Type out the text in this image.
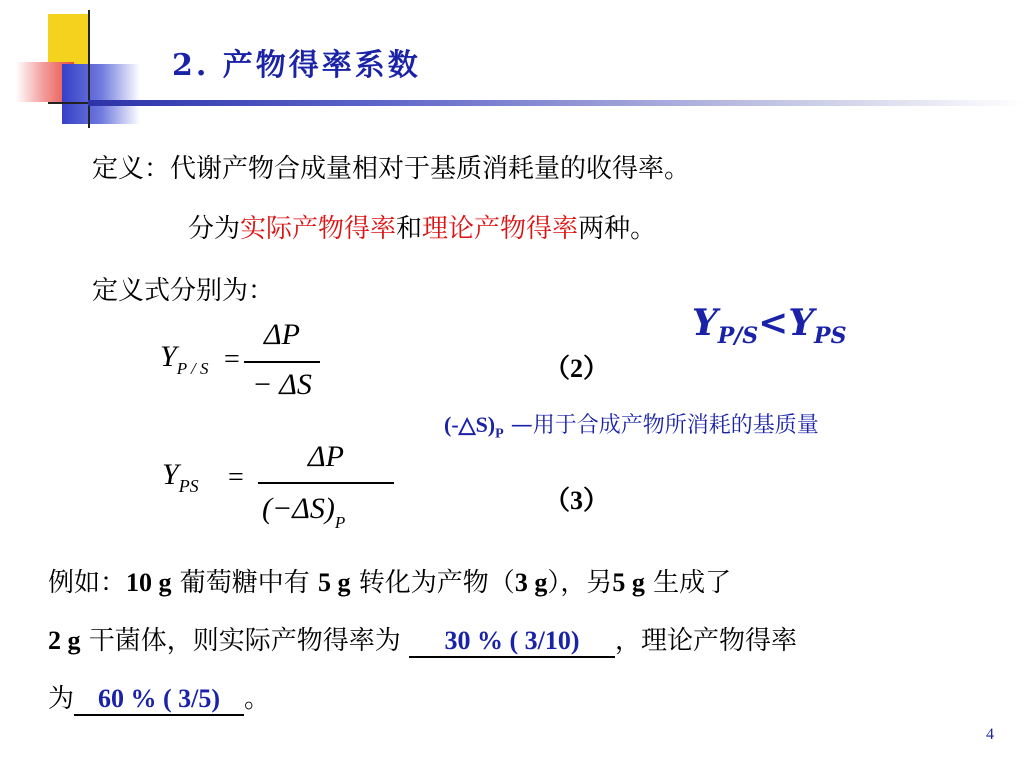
2. 产物得率系数
定义：代谢产物合成量相对于基质消耗量的收得率。
分为实际产物得率和理论产物得率两种。
定义式分别为：
$Y_{P/S}<Y_{PS}$
$Y_{P / S}$ =
ΔP
− ΔS	（2）
$(-\triangle S)_P$ —用于合成产物所消耗的基质量
$Y_{PS}$ =
ΔP
$(-\Delta S)_P$
（3）
例如：10 g 葡萄糖中有 5 g 转化为产物（3 g），另5 g 生成了
2 g 干菌体，则实际产物得率为 30 % ( 3/10) ，理论产物得率
为 60 % ( 3/5) 。
4
